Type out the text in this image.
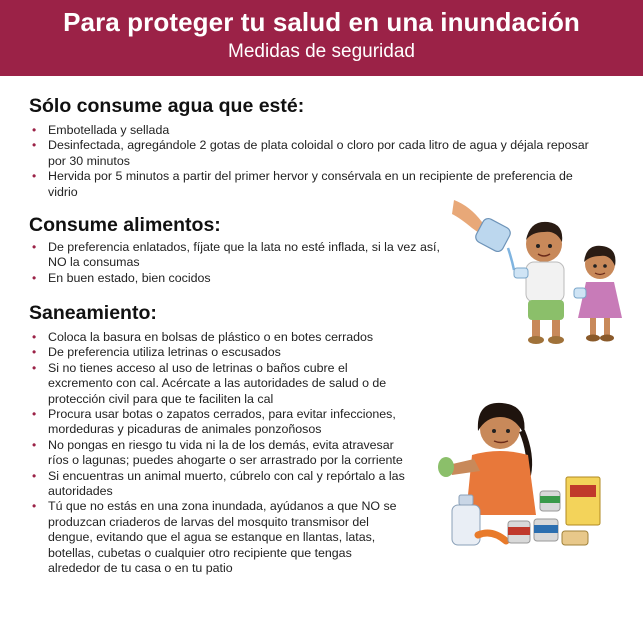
Para proteger tu salud en una inundación
Medidas de seguridad
Sólo consume agua que esté:
• Embotellada y sellada
• Desinfectada, agregándole 2 gotas de plata coloidal o cloro por cada litro de agua y déjala reposar por 30 minutos
• Hervida por 5 minutos a partir del primer hervor y consérvala en un recipiente de preferencia de vidrio
Consume alimentos:
• De preferencia enlatados, fíjate que la lata no esté inflada, si la vez así, NO la consumas
• En buen estado, bien cocidos
Saneamiento:
• Coloca la basura en bolsas de plástico o en botes cerrados
• De preferencia utiliza letrinas o escusados
• Si no tienes acceso al uso de letrinas o baños cubre el excremento con cal. Acércate a las autoridades de salud o de protección civil para que te faciliten la cal
• Procura usar botas o zapatos cerrados, para evitar infecciones, mordeduras y picaduras de animales ponzoñosos
• No pongas en riesgo tu vida ni la de los demás, evita atravesar ríos o lagunas; puedes ahogarte o ser arrastrado por la corriente
• Si encuentras un animal muerto, cúbrelo con cal y repórtalo a las autoridades
• Tú que no estás en una zona inundada, ayúdanos a que NO se produzcan criaderos de larvas del mosquito transmisor del dengue, evitando que el agua se estanque en llantas, latas, botellas, cubetas o cualquier otro recipiente que tengas alrededor de tu casa o en tu patio
